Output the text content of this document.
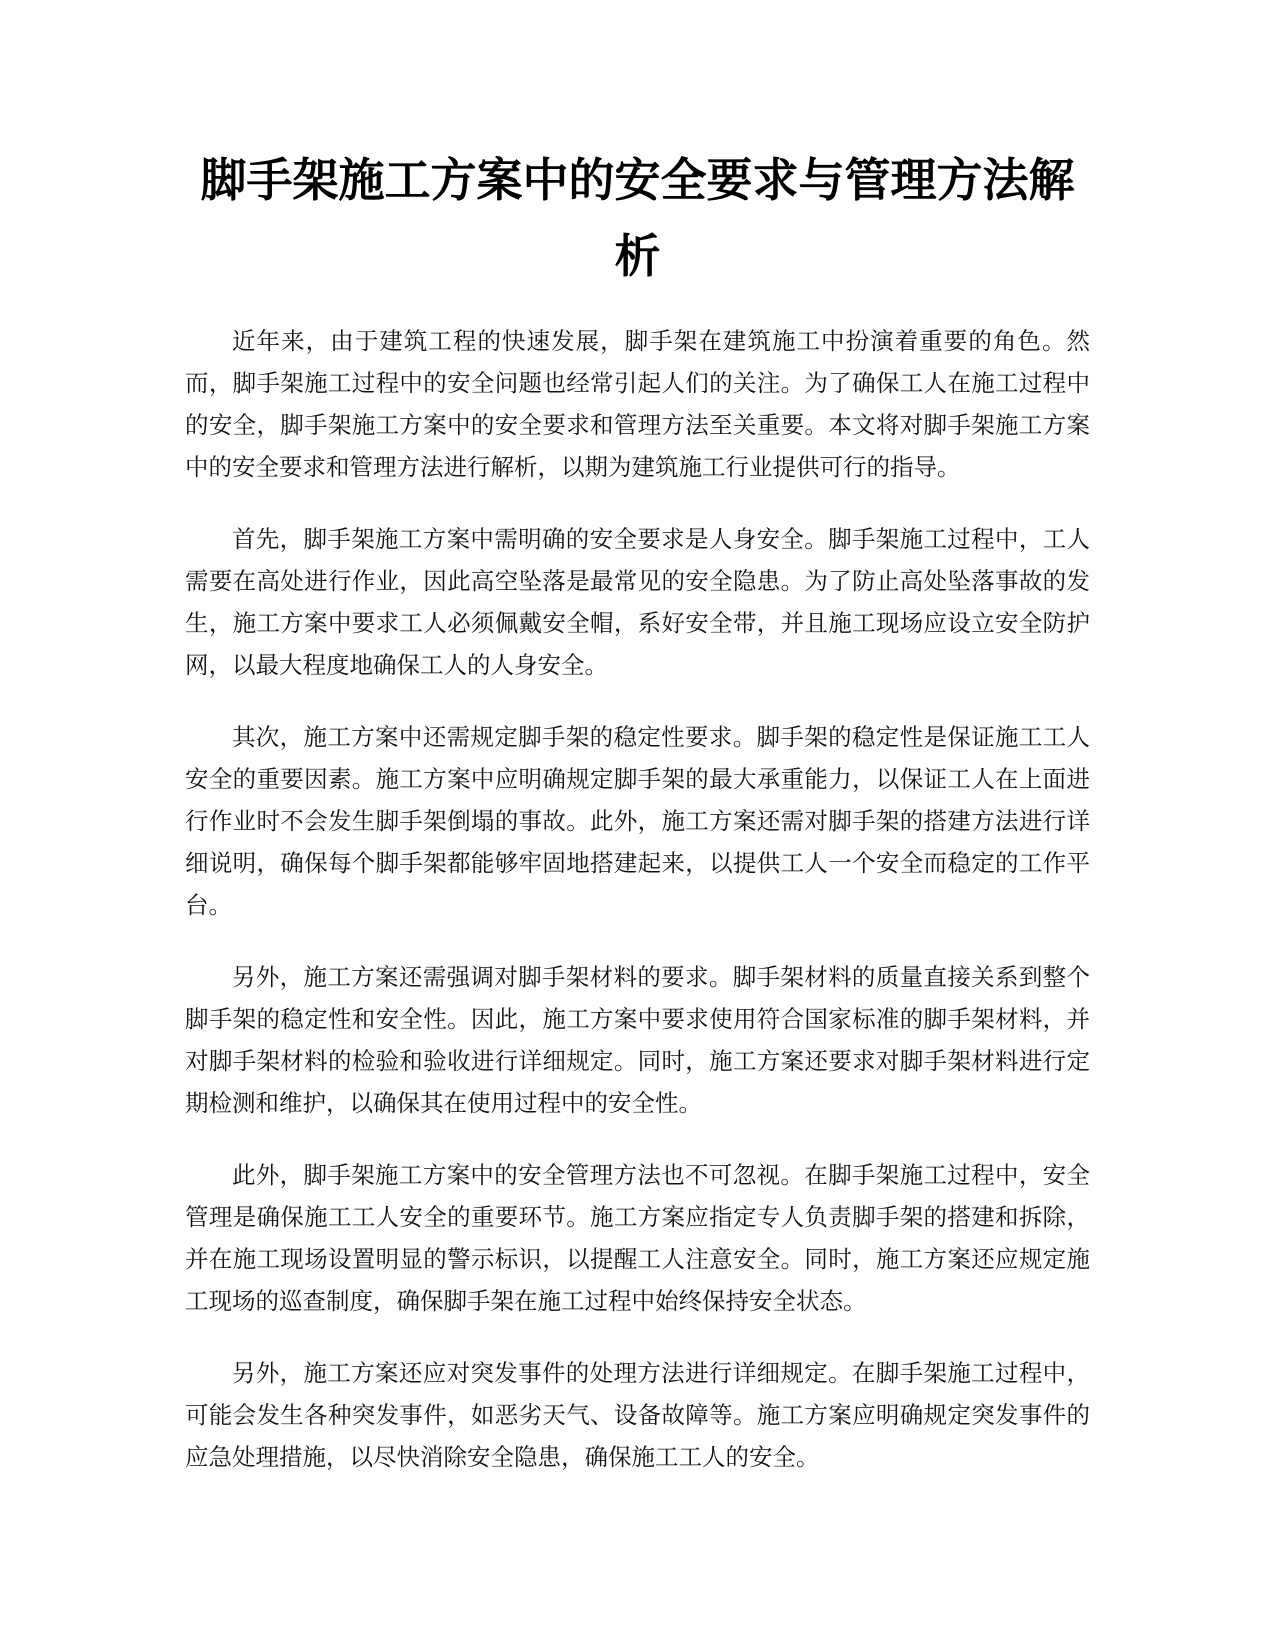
脚手架施工方案中的安全要求与管理方法解析

近年来，由于建筑工程的快速发展，脚手架在建筑施工中扮演着重要的角色。然而，脚手架施工过程中的安全问题也经常引起人们的关注。为了确保工人在施工过程中的安全，脚手架施工方案中的安全要求和管理方法至关重要。本文将对脚手架施工方案中的安全要求和管理方法进行解析，以期为建筑施工行业提供可行的指导。

首先，脚手架施工方案中需明确的安全要求是人身安全。脚手架施工过程中，工人需要在高处进行作业，因此高空坠落是最常见的安全隐患。为了防止高处坠落事故的发生，施工方案中要求工人必须佩戴安全帽，系好安全带，并且施工现场应设立安全防护网，以最大程度地确保工人的人身安全。

其次，施工方案中还需规定脚手架的稳定性要求。脚手架的稳定性是保证施工工人安全的重要因素。施工方案中应明确规定脚手架的最大承重能力，以保证工人在上面进行作业时不会发生脚手架倒塌的事故。此外，施工方案还需对脚手架的搭建方法进行详细说明，确保每个脚手架都能够牢固地搭建起来，以提供工人一个安全而稳定的工作平台。

另外，施工方案还需强调对脚手架材料的要求。脚手架材料的质量直接关系到整个脚手架的稳定性和安全性。因此，施工方案中要求使用符合国家标准的脚手架材料，并对脚手架材料的检验和验收进行详细规定。同时，施工方案还要求对脚手架材料进行定期检测和维护，以确保其在使用过程中的安全性。

此外，脚手架施工方案中的安全管理方法也不可忽视。在脚手架施工过程中，安全管理是确保施工工人安全的重要环节。施工方案应指定专人负责脚手架的搭建和拆除，并在施工现场设置明显的警示标识，以提醒工人注意安全。同时，施工方案还应规定施工现场的巡查制度，确保脚手架在施工过程中始终保持安全状态。

另外，施工方案还应对突发事件的处理方法进行详细规定。在脚手架施工过程中，可能会发生各种突发事件，如恶劣天气、设备故障等。施工方案应明确规定突发事件的应急处理措施，以尽快消除安全隐患，确保施工工人的安全。
